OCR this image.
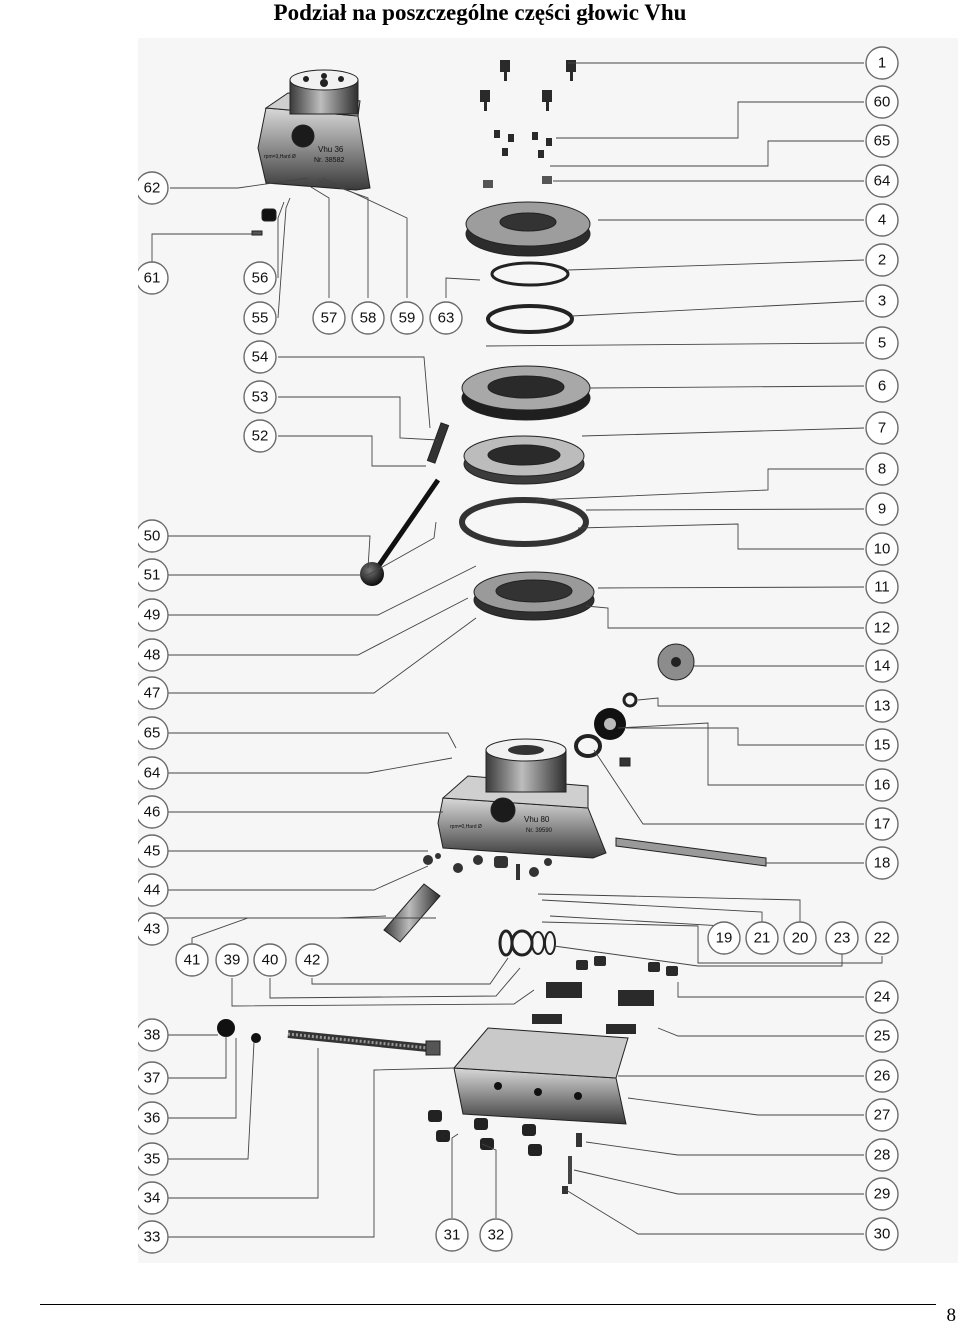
Podział na poszczególne części głowic Vhu
Vhu 36
Nr. 38582
rpm=3,Hard Ø
Vhu 80
Nr. 39590
rpm=0,Hard Ø
1
60
65
64
4
2
3
5
6
7
8
9
10
11
12
14
13
15
16
17
18
22
24
25
26
27
28
29
30
62
61
50
51
49
48
47
65
64
46
45
44
43
38
37
36
35
34
33
56
55
54
53
52
57 58 59 63
41 39 40 42
19 21 20 23
31 32
8
